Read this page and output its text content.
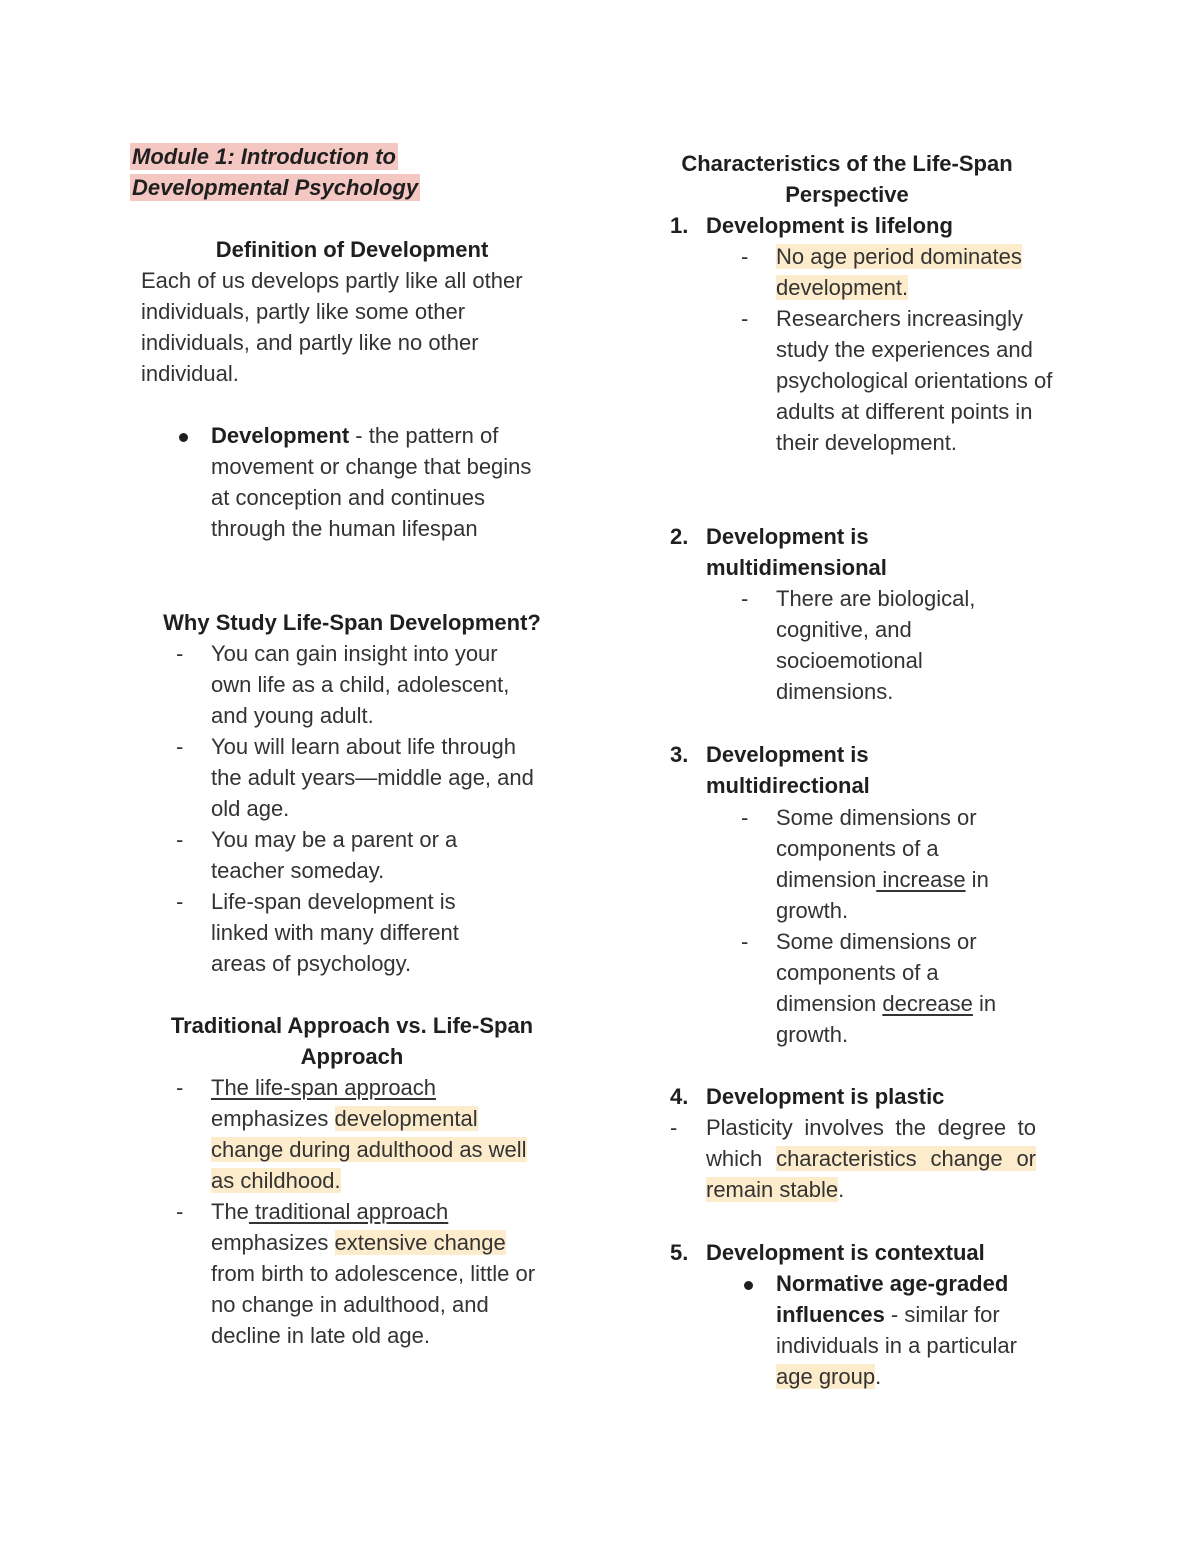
Module 1: Introduction to
Developmental Psychology
Definition of Development
Each of us develops partly like all other individuals, partly like some other individuals, and partly like no other individual.
Development - the pattern of movement or change that begins at conception and continues through the human lifespan
Why Study Life-Span Development?
- You can gain insight into your own life as a child, adolescent, and young adult.
- You will learn about life through the adult years—middle age, and old age.
- You may be a parent or a teacher someday.
- Life-span development is linked with many different areas of psychology.
Traditional Approach vs. Life-Span Approach
- The life-span approach emphasizes developmental change during adulthood as well as childhood.
- The traditional approach emphasizes extensive change from birth to adolescence, little or no change in adulthood, and decline in late old age.
Characteristics of the Life-Span Perspective
1. Development is lifelong
- No age period dominates development.
- Researchers increasingly study the experiences and psychological orientations of adults at different points in their development.
2. Development is multidimensional
- There are biological, cognitive, and socioemotional dimensions.
3. Development is multidirectional
- Some dimensions or components of a dimension increase in growth.
- Some dimensions or components of a dimension decrease in growth.
4. Development is plastic
- Plasticity involves the degree to which characteristics change or remain stable.
5. Development is contextual
Normative age-graded influences - similar for individuals in a particular age group.
